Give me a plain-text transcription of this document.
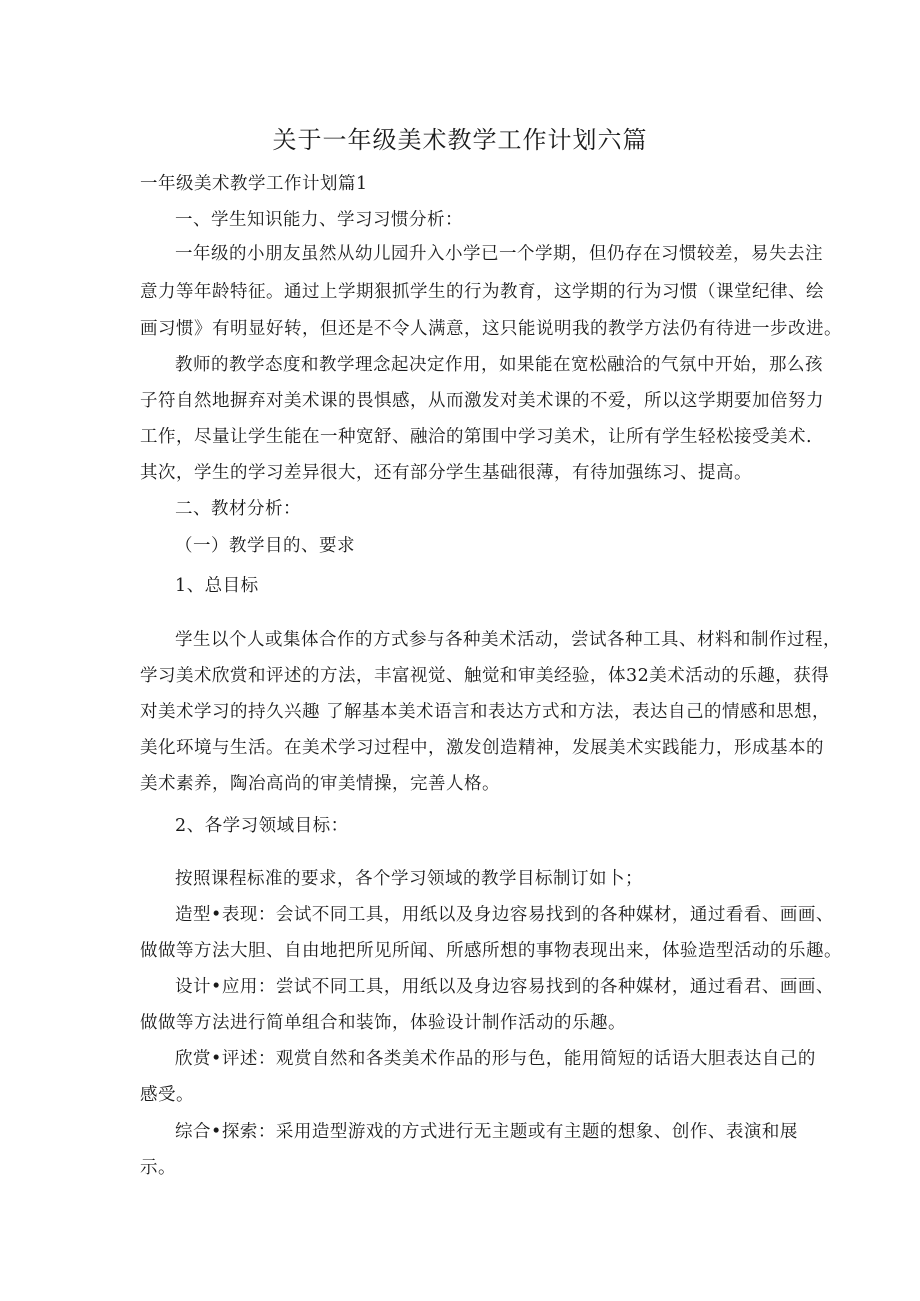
关于一年级美术教学工作计划六篇
一年级美术教学工作计划篇1
一、学生知识能力、学习习惯分析：
一年级的小朋友虽然从幼儿园升入小学已一个学期，但仍存在习惯较差，易失去注
意力等年龄特征。通过上学期狠抓学生的行为教育，这学期的行为习惯（课堂纪律、绘
画习惯》有明显好转，但还是不令人满意，这只能说明我的教学方法仍有待进一步改进。
教师的教学态度和教学理念起决定作用，如果能在宽松融洽的气氛中开始，那么孩
子符自然地摒弃对美术课的畏惧感，从而激发对美术课的不爱，所以这学期要加倍努力
工作，尽量让学生能在一种宽舒、融洽的第围中学习美术，让所有学生轻松接受美术.
其次，学生的学习差异很大，还有部分学生基础很薄，有待加强练习、提高。
二、教材分析：
（一）教学目的、要求
1、总目标
学生以个人或集体合作的方式参与各种美术活动，尝试各种工具、材料和制作过程，
学习美术欣赏和评述的方法，丰富视觉、触觉和审美经验，体32美术活动的乐趣，获得
对美术学习的持久兴趣 了解基本美术语言和表达方式和方法，表达自己的情感和思想，
美化环境与生活。在美术学习过程中，激发创造精神，发展美术实践能力，形成基本的
美术素养，陶冶高尚的审美情操，完善人格。
2、各学习领域目标：
按照课程标准的要求，各个学习领域的教学目标制订如卜；
造型•表现：会试不同工具，用纸以及身边容易找到的各种媒材，通过看看、画画、
做做等方法大胆、自由地把所见所闻、所感所想的事物表现出来，体验造型活动的乐趣。
设计•应用：尝试不同工具，用纸以及身边容易找到的各种媒材，通过看君、画画、
做做等方法进行简单组合和装饰，体验设计制作活动的乐趣。
欣赏•评述：观赏自然和各类美术作品的形与色，能用简短的话语大胆表达自己的
感受。
综合•探索：采用造型游戏的方式进行无主题或有主题的想象、创作、表演和展
示。
